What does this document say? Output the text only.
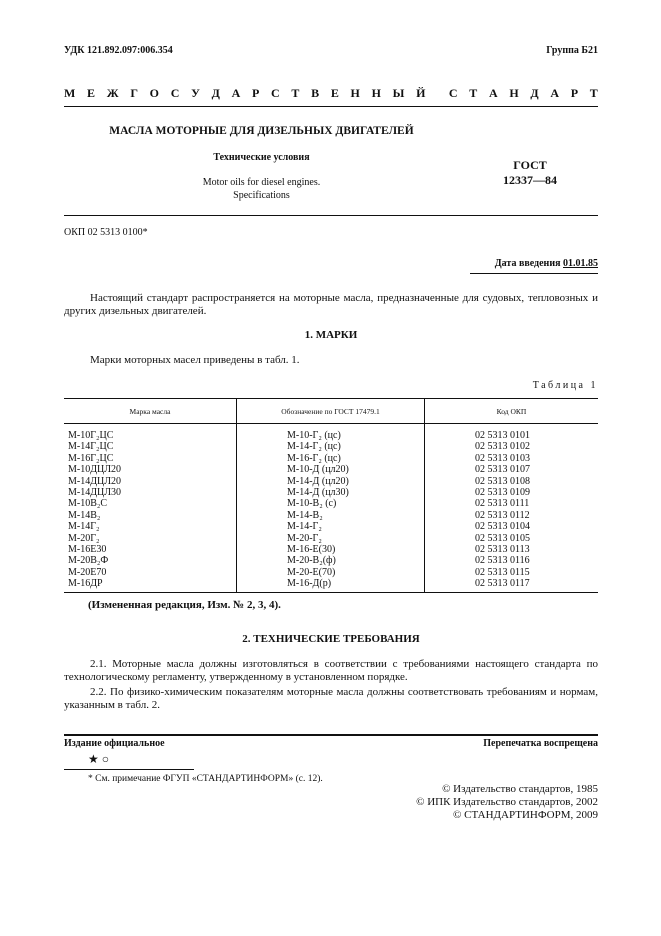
УДК 121.892.097:006.354	Группа Б21
М Е Ж Г О С У Д А Р С Т В Е Н Н Ы Й С Т А Н Д А Р Т
МАСЛА МОТОРНЫЕ ДЛЯ ДИЗЕЛЬНЫХ ДВИГАТЕЛЕЙ
Технические условия
Motor oils for diesel engines.
Specifications
ГОСТ
12337—84
ОКП 02 5313 0100*
Дата введения 01.01.85
Настоящий стандарт распространяется на моторные масла, предназначенные для судовых, тепловозных и других дизельных двигателей.
1. МАРКИ
Марки моторных масел приведены в табл. 1.
Таблица 1
Марка масла	Обозначение по ГОСТ 17479.1	Код ОКП
М-10Г₂ЦС	М-10-Г₂ (цс)	02 5313 0101
М-14Г₂ЦС	М-14-Г₂ (цс)	02 5313 0102
М-16Г₂ЦС	М-16-Г₂ (цс)	02 5313 0103
М-10ДЦЛ20	М-10-Д (цл20)	02 5313 0107
М-14ДЦЛ20	М-14-Д (цл20)	02 5313 0108
М-14ДЦЛ30	М-14-Д (цл30)	02 5313 0109
М-10В₂С	М-10-В₂ (с)	02 5313 0111
М-14В₂	М-14-В₂	02 5313 0112
М-14Г₂	М-14-Г₂	02 5313 0104
М-20Г₂	М-20-Г₂	02 5313 0105
М-16Е30	М-16-Е(30)	02 5313 0113
М-20В₂Ф	М-20-В₂(ф)	02 5313 0116
М-20Е70	М-20-Е(70)	02 5313 0115
М-16ДР	М-16-Д(р)	02 5313 0117
(Измененная редакция, Изм. № 2, 3, 4).
2. ТЕХНИЧЕСКИЕ ТРЕБОВАНИЯ
2.1. Моторные масла должны изготовляться в соответствии с требованиями настоящего стандарта по технологическому регламенту, утвержденному в установленном порядке.
2.2. По физико-химическим показателям моторные масла должны соответствовать требованиям и нормам, указанным в табл. 2.
Издание официальное	Перепечатка воспрещена
★ ○
* См. примечание ФГУП «СТАНДАРТИНФОРМ» (с. 12).
© Издательство стандартов, 1985
© ИПК Издательство стандартов, 2002
© СТАНДАРТИНФОРМ, 2009
